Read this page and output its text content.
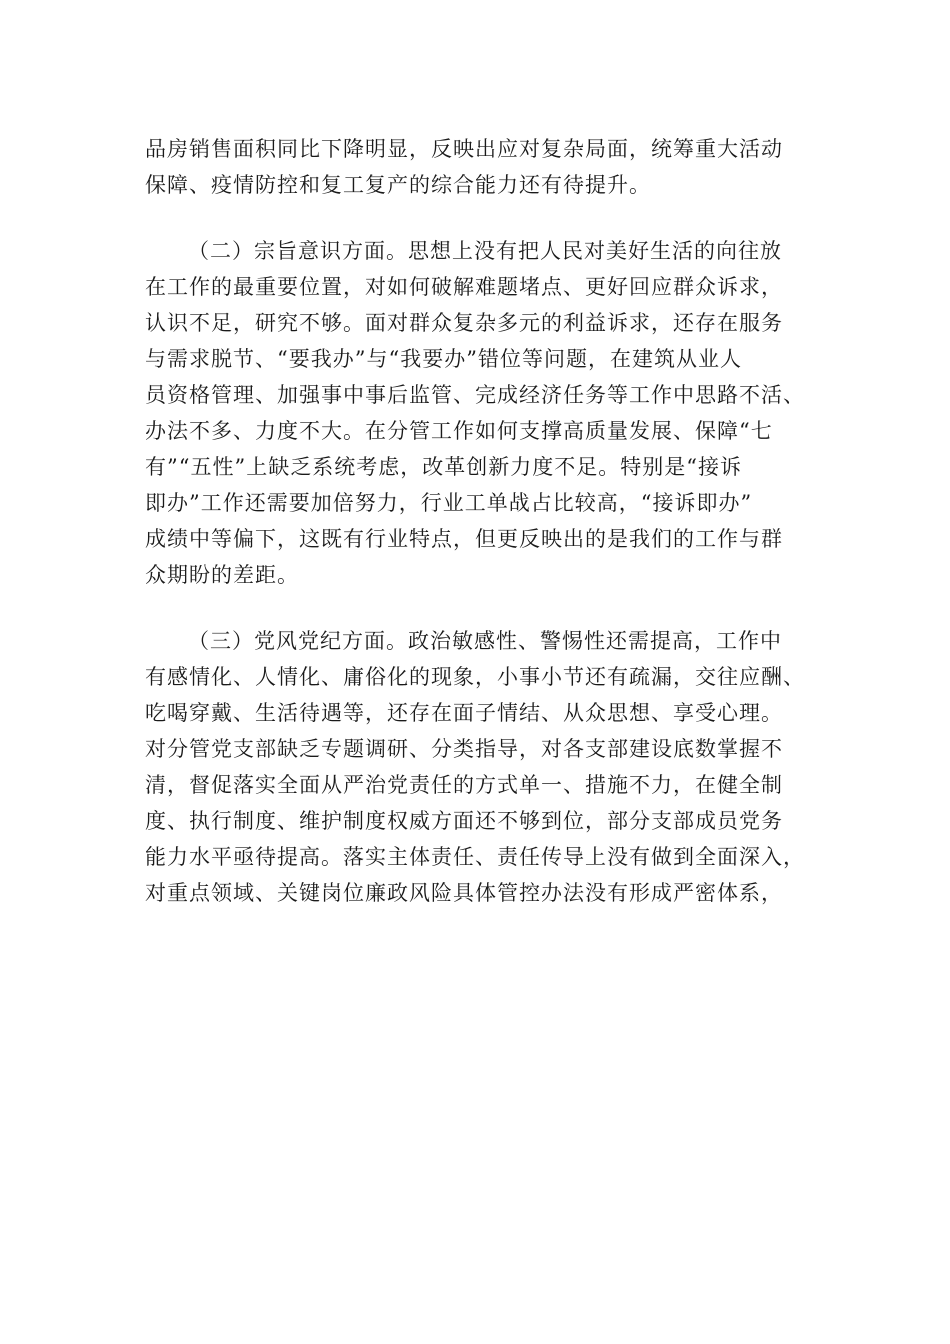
品房销售面积同比下降明显，反映出应对复杂局面，统筹重大活动
保障、疫情防控和复工复产的综合能力还有待提升。
（二）宗旨意识方面。思想上没有把人民对美好生活的向往放
在工作的最重要位置，对如何破解难题堵点、更好回应群众诉求，
认识不足，研究不够。面对群众复杂多元的利益诉求，还存在服务
与需求脱节、“要我办”与“我要办”错位等问题，在建筑从业人
员资格管理、加强事中事后监管、完成经济任务等工作中思路不活、
办法不多、力度不大。在分管工作如何支撑高质量发展、保障“七
有”“五性”上缺乏系统考虑，改革创新力度不足。特别是“接诉
即办”工作还需要加倍努力，行业工单战占比较高，“接诉即办”
成绩中等偏下，这既有行业特点，但更反映出的是我们的工作与群
众期盼的差距。
（三）党风党纪方面。政治敏感性、警惕性还需提高，工作中
有感情化、人情化、庸俗化的现象，小事小节还有疏漏，交往应酬、
吃喝穿戴、生活待遇等，还存在面子情结、从众思想、享受心理。
对分管党支部缺乏专题调研、分类指导，对各支部建设底数掌握不
清，督促落实全面从严治党责任的方式单一、措施不力，在健全制
度、执行制度、维护制度权威方面还不够到位，部分支部成员党务
能力水平亟待提高。落实主体责任、责任传导上没有做到全面深入，
对重点领域、关键岗位廉政风险具体管控办法没有形成严密体系，
